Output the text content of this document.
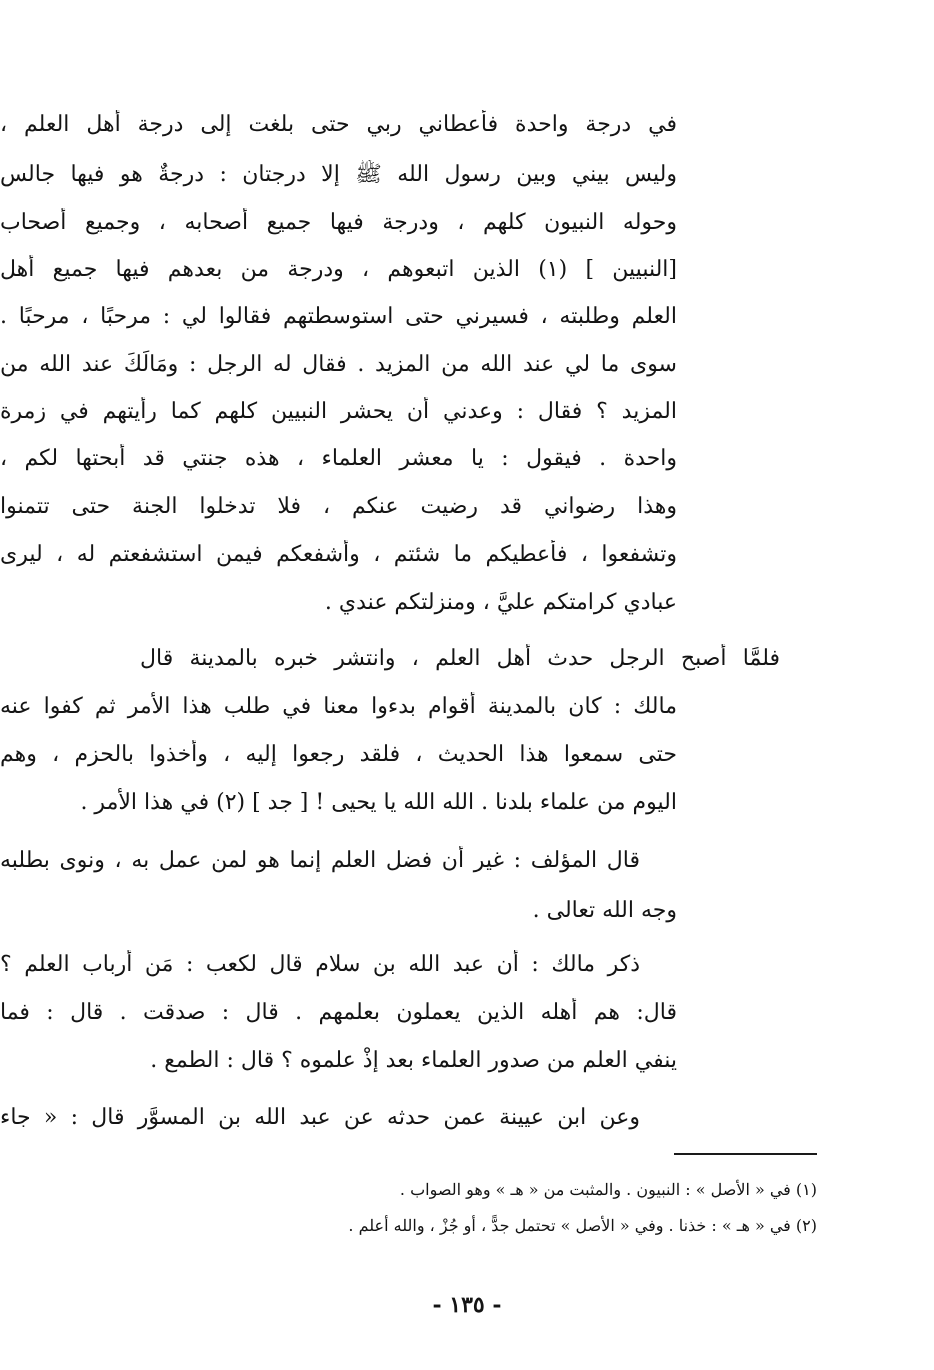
في درجة واحدة فأعطاني ربي حتى بلغت إلى درجة أهل العلم ،
وليس بيني وبين رسول الله ﷺ إلا درجتان : درجةٌ هو فيها جالس
وحوله النبيون كلهم ، ودرجة فيها جميع أصحابه ، وجميع أصحاب
[النبيين ] (١) الذين اتبعوهم ، ودرجة من بعدهم فيها جميع أهل
العلم وطلبته ، فسيرني حتى استوسطتهم فقالوا لي : مرحبًا ، مرحبًا .
سوى ما لي عند الله من المزيد . فقال له الرجل : ومَالَكَ عند الله من
المزيد ؟ فقال : وعدني أن يحشر النبيين كلهم كما رأيتهم في زمرة
واحدة . فيقول : يا معشر العلماء ، هذه جنتي قد أبحتها لكم ،
وهذا رضواني قد رضيت عنكم ، فلا تدخلوا الجنة حتى تتمنوا
وتشفعوا ، فأعطيكم ما شئتم ، وأشفعكم فيمن استشفعتم له ، ليرى
عبادي كرامتكم عليَّ ، ومنزلتكم عندي .
فلمَّا أصبح الرجل حدث أهل العلم ، وانتشر خبره بالمدينة قال
مالك : كان بالمدينة أقوام بدءوا معنا في طلب هذا الأمر ثم كفوا عنه
حتى سمعوا هذا الحديث ، فلقد رجعوا إليه ، وأخذوا بالحزم ، وهم
اليوم من علماء بلدنا . الله الله يا يحيى ! [ جد ] (٢) في هذا الأمر .
قال المؤلف : غير أن فضل العلم إنما هو لمن عمل به ، ونوى بطلبه
وجه الله تعالى .
ذكر مالك : أن عبد الله بن سلام قال لكعب : مَن أرباب العلم ؟
قال: هم أهله الذين يعملون بعلمهم . قال : صدقت . قال : فما
ينفي العلم من صدور العلماء بعد إذْ علموه ؟ قال : الطمع .
وعن ابن عيينة عمن حدثه عن عبد الله بن المسوَّر قال : « جاء
(١) في « الأصل » : النبيون . والمثبت من « هـ » وهو الصواب .
(٢) في « هـ » : خذنا . وفي « الأصل » تحتمل جدًّ ، أو جُزْ ، والله أعلم .
- ١٣٥ -
